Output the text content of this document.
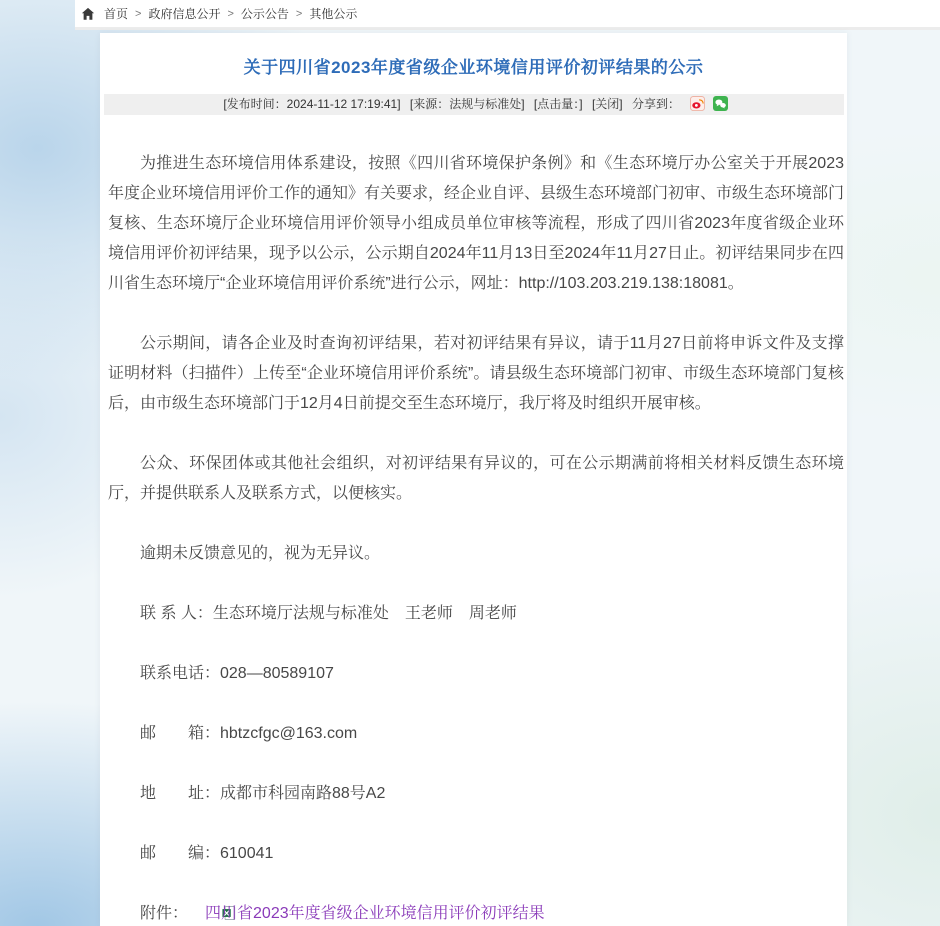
首页 > 政府信息公开 > 公示公告 > 其他公示
关于四川省2023年度省级企业环境信用评价初评结果的公示
[发布时间：2024-11-12 17:19:41] [来源：法规与标准处] [点击量：] [关闭] 分享到：

为推进生态环境信用体系建设，按照《四川省环境保护条例》和《生态环境厅办公室关于开展2023年度企业环境信用评价工作的通知》有关要求，经企业自评、县级生态环境部门初审、市级生态环境部门复核、生态环境厅企业环境信用评价领导小组成员单位审核等流程，形成了四川省2023年度省级企业环境信用评价初评结果，现予以公示，公示期自2024年11月13日至2024年11月27日止。初评结果同步在四川省生态环境厅“企业环境信用评价系统”进行公示，网址：http://103.203.219.138:18081。

公示期间，请各企业及时查询初评结果，若对初评结果有异议，请于11月27日前将申诉文件及支撑证明材料（扫描件）上传至“企业环境信用评价系统”。请县级生态环境部门初审、市级生态环境部门复核后，由市级生态环境部门于12月4日前提交至生态环境厅，我厅将及时组织开展审核。

公众、环保团体或其他社会组织，对初评结果有异议的，可在公示期满前将相关材料反馈生态环境厅，并提供联系人及联系方式，以便核实。

逾期未反馈意见的，视为无异议。

联 系 人：生态环境厅法规与标准处　王老师　周老师

联系电话：028—80589107

邮　　箱：hbtzcfgc@163.com

地　　址：成都市科园南路88号A2

邮　　编：610041

附件： 四川省2023年度省级企业环境信用评价初评结果
